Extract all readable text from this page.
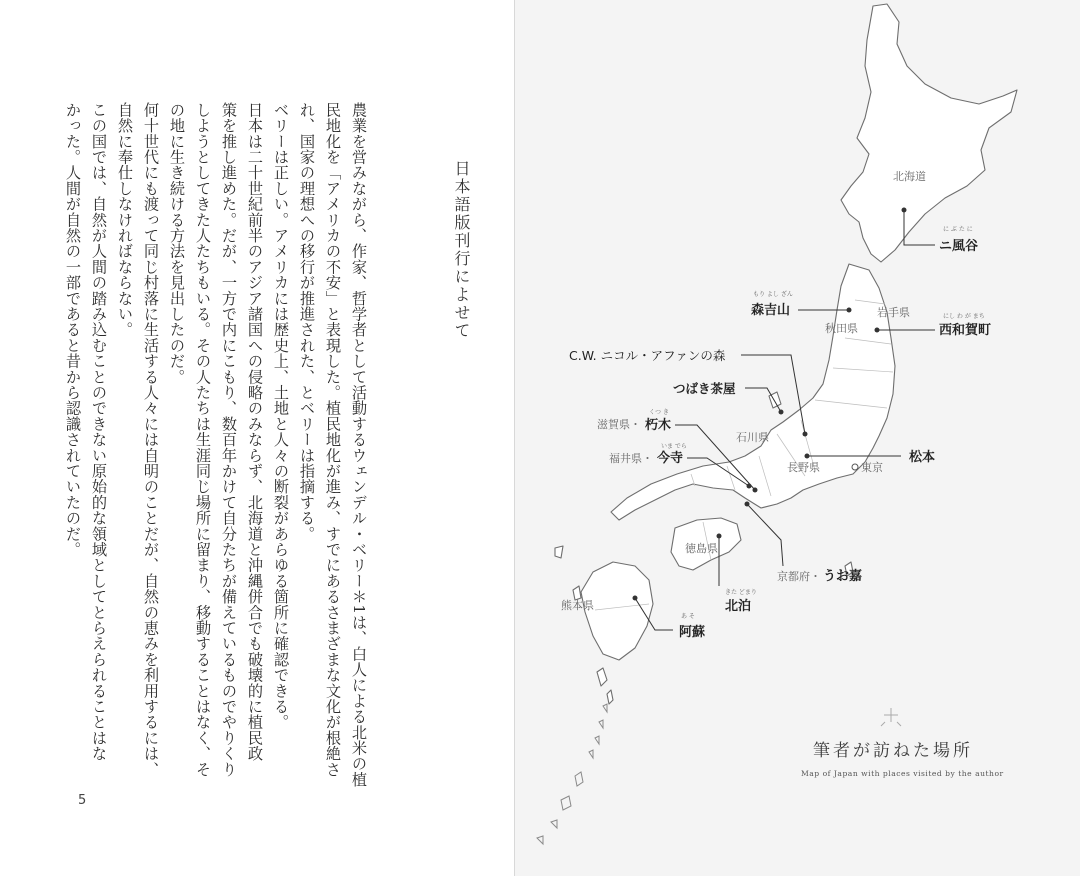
日本語版刊行によせて
農業を営みながら、作家、哲学者として活動するウェンデル・ベリー＊1は、白人による北米の植
民地化を「アメリカの不安」と表現した。植民地化が進み、すでにあるさまざまな文化が根絶さ
れ、国家の理想への移行が推進された、とベリーは指摘する。
ベリーは正しい。アメリカには歴史上、土地と人々の断裂があらゆる箇所に確認できる。
日本は二十世紀前半のアジア諸国への侵略のみならず、北海道と沖縄併合でも破壊的に植民政
策を推し進めた。だが、一方で内にこもり、数百年かけて自分たちが備えているものでやりくり
しようとしてきた人たちもいる。その人たちは生涯同じ場所に留まり、移動することはなく、そ
の地に生き続ける方法を見出したのだ。
何十世代にも渡って同じ村落に生活する人々には自明のことだが、自然の恵みを利用するには、
自然に奉仕しなければならない。
この国では、自然が人間の踏み込むことのできない原始的な領域としてとらえられることはな
かった。人間が自然の一部であると昔から認識されていたのだ。
5
北海道
岩手県
秋田県
石川県
長野県	東京
徳島県
熊本県
に ぶ た に
ニ風谷
もり よし ざん
森吉山	にし わ が まち
西和賀町
C.W. ニコル・アファンの森
つばき茶屋
滋賀県・
くつ き
朽木
福井県・
いま でら
今寺	松本
京都府・ うお嘉
きた どまり
北泊
あ そ
阿蘇
筆者が訪ねた場所
Map of Japan with places visited by the author
